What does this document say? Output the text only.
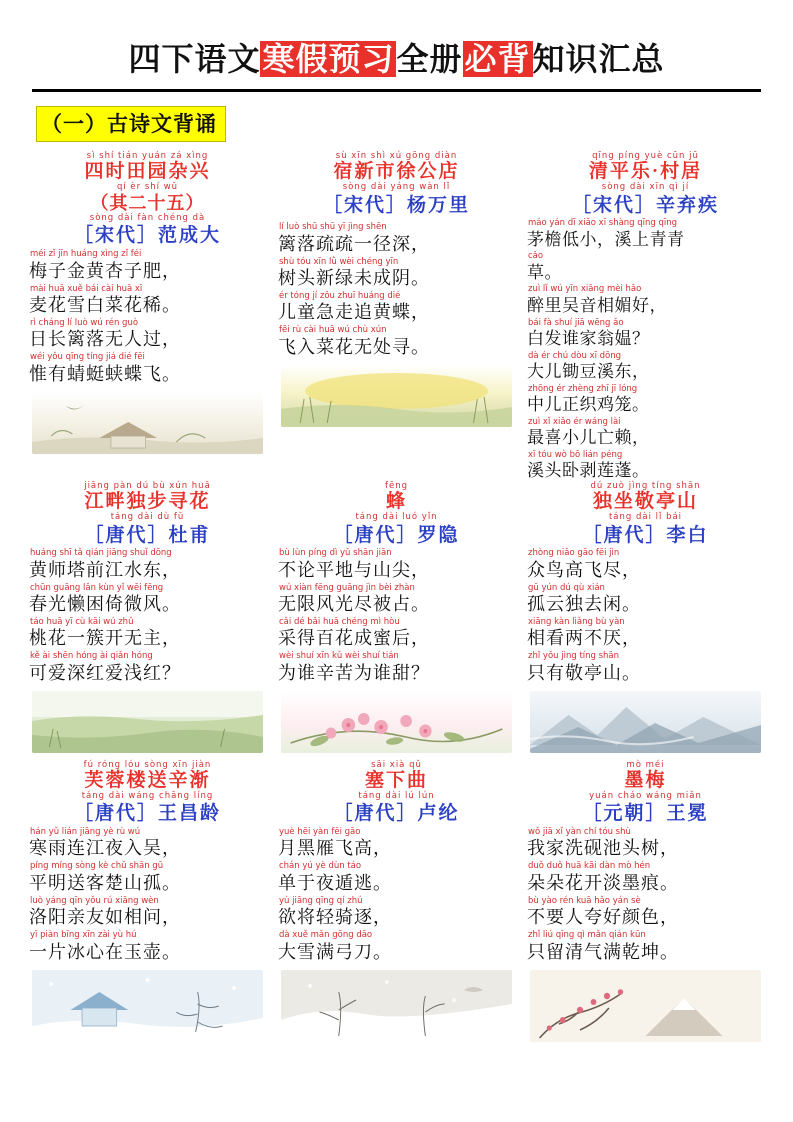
四下语文寒假预习全册必背知识汇总
（一）古诗文背诵
sì shí tián yuán zá xìng
四时田园杂兴
qí èr shí wǔ
（其二十五）
sòng dài fàn chéng dà
［宋代］范成大
méi zǐ jīn huáng xìng zǐ féi
梅子金黄杏子肥，
mài huā xuě bái cài huā xī
麦花雪白菜花稀。
rì cháng lí luò wú rén guò
日长篱落无人过，
wéi yǒu qīng tíng jiá dié fēi
惟有蜻蜓蛱蝶飞。
sù xīn shì xú gōng diàn
宿新市徐公店
sòng dài yáng wàn lǐ
［宋代］杨万里
lí luò shū shū yī jìng shēn
篱落疏疏一径深，
shù tóu xīn lǜ wèi chéng yīn
树头新绿未成阴。
ér tóng jí zǒu zhuī huáng dié
儿童急走追黄蝶，
fēi rù cài huā wú chù xún
飞入菜花无处寻。
qīng píng yuè cūn jū
清平乐·村居
sòng dài xīn qì jí
［宋代］辛弃疾
máo yán dī xiǎo xī shàng qīng qīng
茅檐低小，溪上青青
cǎo
草。
zuì lǐ wú yīn xiāng mèi hǎo
醉里吴音相媚好，
bái fà shuí jiā wēng ǎo
白发谁家翁媪？
dà ér chú dòu xī dōng
大儿锄豆溪东，
zhōng ér zhèng zhī jī lóng
中儿正织鸡笼。
zuì xǐ xiǎo ér wáng lài
最喜小儿亡赖，
xī tóu wò bō lián péng
溪头卧剥莲蓬。
jiāng pàn dú bù xún huā
江畔独步寻花
táng dài dù fǔ
［唐代］杜甫
huáng shī tǎ qián jiāng shuǐ dōng
黄师塔前江水东，
chūn guāng lǎn kùn yǐ wēi fēng
春光懒困倚微风。
táo huā yī cù kāi wú zhǔ
桃花一簇开无主，
kě ài shēn hóng ài qiǎn hóng
可爱深红爱浅红？
fēng
蜂
táng dài luó yǐn
［唐代］罗隐
bù lùn píng dì yǔ shān jiān
不论平地与山尖，
wú xiàn fēng guāng jìn bèi zhàn
无限风光尽被占。
cǎi dé bǎi huā chéng mì hòu
采得百花成蜜后，
wèi shuí xīn kǔ wèi shuí tián
为谁辛苦为谁甜？
dú zuò jìng tíng shān
独坐敬亭山
táng dài lǐ bái
［唐代］李白
zhòng niǎo gāo fēi jìn
众鸟高飞尽，
gū yún dú qù xián
孤云独去闲。
xiāng kàn liǎng bù yàn
相看两不厌，
zhǐ yǒu jìng tíng shān
只有敬亭山。
fú róng lóu sòng xīn jiàn
芙蓉楼送辛渐
táng dài wáng chāng líng
［唐代］王昌龄
hán yǔ lián jiāng yè rù wú
寒雨连江夜入吴，
píng míng sòng kè chǔ shān gū
平明送客楚山孤。
luò yáng qīn yǒu rú xiāng wèn
洛阳亲友如相问，
yī piàn bīng xīn zài yù hú
一片冰心在玉壶。
sāi xià qǔ
塞下曲
táng dài lú lún
［唐代］卢纶
yuè hēi yàn fēi gāo
月黑雁飞高，
chán yú yè dùn táo
单于夜遁逃。
yù jiāng qīng qí zhú
欲将轻骑逐，
dà xuě mǎn gōng dāo
大雪满弓刀。
mò méi
墨梅
yuán cháo wáng miǎn
［元朝］王冕
wǒ jiā xǐ yàn chí tóu shù
我家洗砚池头树，
duǒ duǒ huā kāi dàn mò hén
朵朵花开淡墨痕。
bù yào rén kuā hǎo yán sè
不要人夸好颜色，
zhǐ liú qīng qì mǎn qián kūn
只留清气满乾坤。
